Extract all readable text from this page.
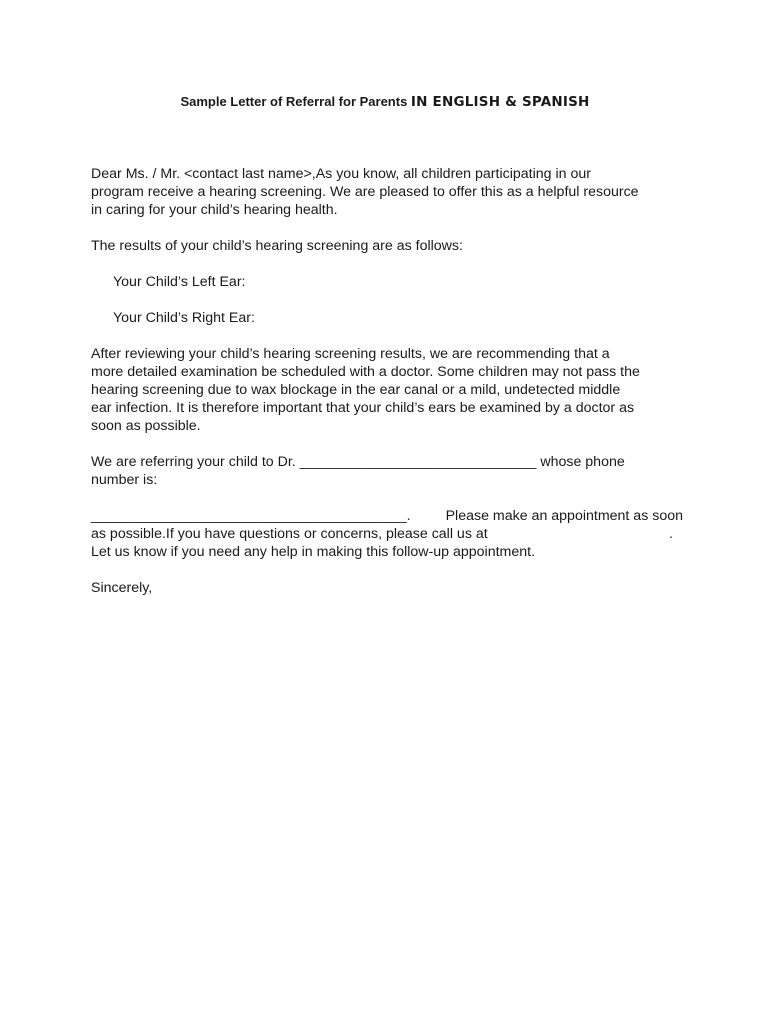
Sample Letter of Referral for Parents IN ENGLISH & SPANISH

Dear Ms. / Mr. <contact last name>,As you know, all children participating in our
program receive a hearing screening. We are pleased to offer this as a helpful resource
in caring for your child’s hearing health.

The results of your child’s hearing screening are as follows:

Your Child’s Left Ear:

Your Child’s Right Ear:

After reviewing your child’s hearing screening results, we are recommending that a
more detailed examination be scheduled with a doctor. Some children may not pass the
hearing screening due to wax blockage in the ear canal or a mild, undetected middle
ear infection. It is therefore important that your child’s ears be examined by a doctor as
soon as possible.

We are referring your child to Dr. ______________________________ whose phone
number is:

________________________________________. Please make an appointment as soon
as possible.If you have questions or concerns, please call us at	.
Let us know if you need any help in making this follow-up appointment.

Sincerely,
